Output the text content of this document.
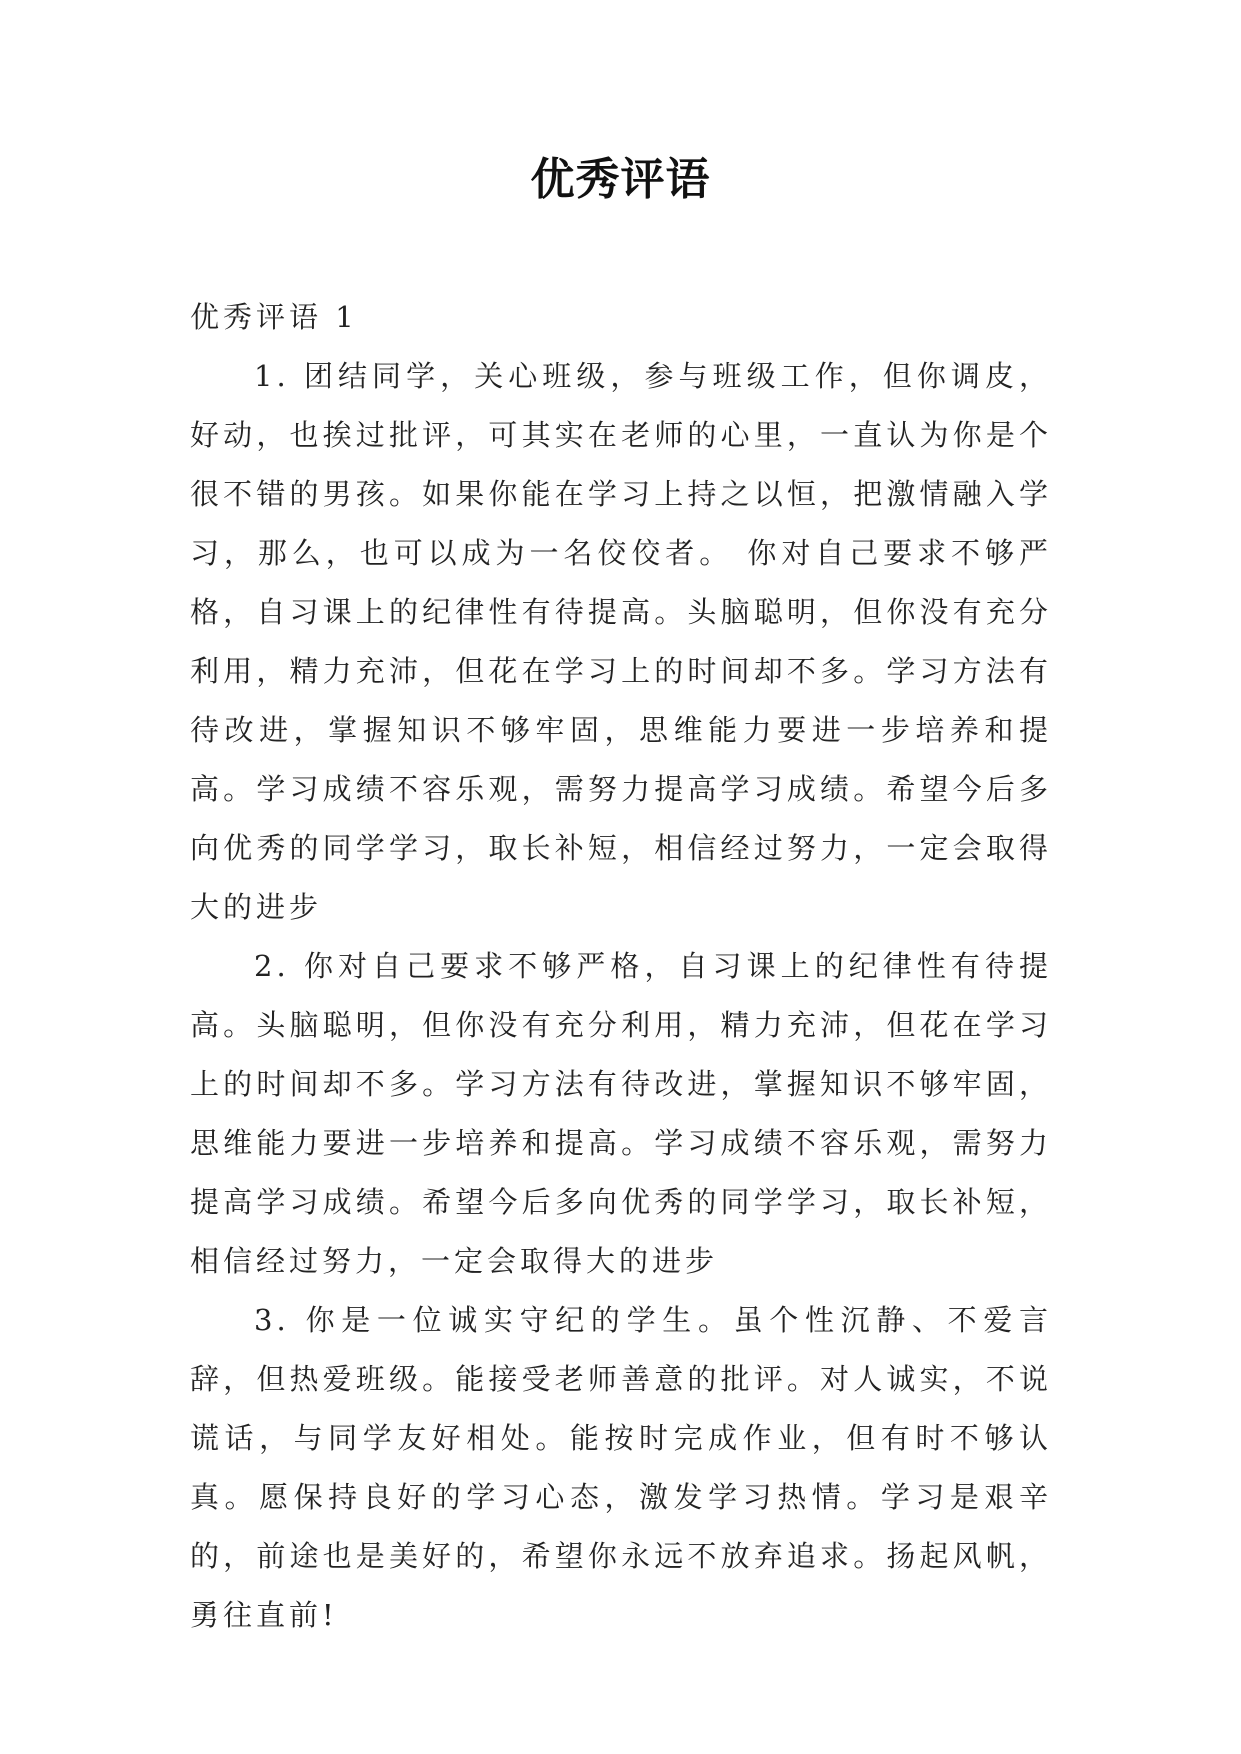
优秀评语
优秀评语 1

1. 团结同学，关心班级，参与班级工作，但你调皮，好动，也挨过批评，可其实在老师的心里，一直认为你是个很不错的男孩。如果你能在学习上持之以恒，把激情融入学习，那么，也可以成为一名佼佼者。 你对自己要求不够严格，自习课上的纪律性有待提高。头脑聪明，但你没有充分利用，精力充沛，但花在学习上的时间却不多。学习方法有待改进，掌握知识不够牢固，思维能力要进一步培养和提高。学习成绩不容乐观，需努力提高学习成绩。希望今后多向优秀的同学学习，取长补短，相信经过努力，一定会取得大的进步

2. 你对自己要求不够严格，自习课上的纪律性有待提高。头脑聪明，但你没有充分利用，精力充沛，但花在学习上的时间却不多。学习方法有待改进，掌握知识不够牢固，思维能力要进一步培养和提高。学习成绩不容乐观，需努力提高学习成绩。希望今后多向优秀的同学学习，取长补短，相信经过努力，一定会取得大的进步

3. 你是一位诚实守纪的学生。虽个性沉静、不爱言辞，但热爱班级。能接受老师善意的批评。对人诚实，不说谎话，与同学友好相处。能按时完成作业，但有时不够认真。愿保持良好的学习心态，激发学习热情。学习是艰辛的，前途也是美好的，希望你永远不放弃追求。扬起风帆，勇往直前!
